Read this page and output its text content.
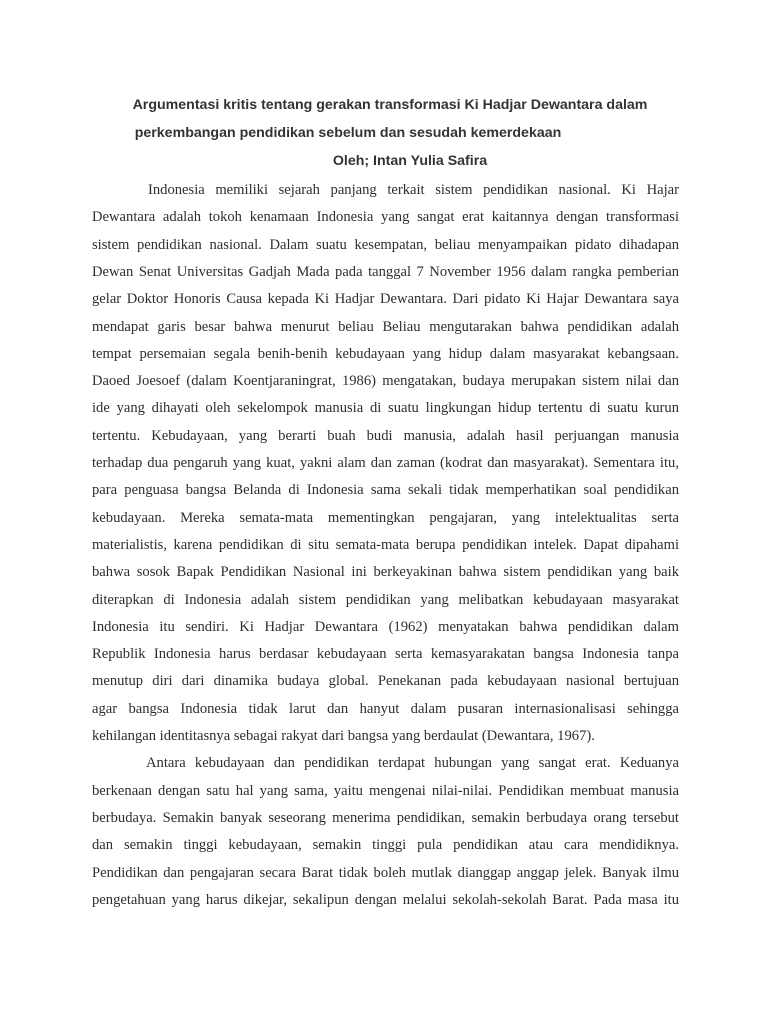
Argumentasi kritis tentang gerakan transformasi Ki Hadjar Dewantara dalam
perkembangan pendidikan sebelum dan sesudah kemerdekaan
Oleh; Intan Yulia Safira
Indonesia memiliki sejarah panjang terkait sistem pendidikan nasional. Ki Hajar
Dewantara adalah tokoh kenamaan Indonesia yang sangat erat kaitannya dengan transformasi
sistem pendidikan nasional. Dalam suatu kesempatan, beliau menyampaikan pidato dihadapan
Dewan Senat Universitas Gadjah Mada pada tanggal 7 November 1956 dalam rangka pemberian
gelar Doktor Honoris Causa kepada Ki Hadjar Dewantara. Dari pidato Ki Hajar Dewantara saya
mendapat garis besar bahwa menurut beliau Beliau mengutarakan bahwa pendidikan adalah
tempat persemaian segala benih-benih kebudayaan yang hidup dalam masyarakat kebangsaan.
Daoed Joesoef (dalam Koentjaraningrat, 1986) mengatakan, budaya merupakan sistem nilai dan
ide yang dihayati oleh sekelompok manusia di suatu lingkungan hidup tertentu di suatu kurun
tertentu. Kebudayaan, yang berarti buah budi manusia, adalah hasil perjuangan manusia
terhadap dua pengaruh yang kuat, yakni alam dan zaman (kodrat dan masyarakat). Sementara itu,
para penguasa bangsa Belanda di Indonesia sama sekali tidak memperhatikan soal pendidikan
kebudayaan. Mereka semata-mata mementingkan pengajaran, yang intelektualitas serta
materialistis, karena pendidikan di situ semata-mata berupa pendidikan intelek. Dapat dipahami
bahwa sosok Bapak Pendidikan Nasional ini berkeyakinan bahwa sistem pendidikan yang baik
diterapkan di Indonesia adalah sistem pendidikan yang melibatkan kebudayaan masyarakat
Indonesia itu sendiri. Ki Hadjar Dewantara (1962) menyatakan bahwa pendidikan dalam
Republik Indonesia harus berdasar kebudayaan serta kemasyarakatan bangsa Indonesia tanpa
menutup diri dari dinamika budaya global. Penekanan pada kebudayaan nasional bertujuan
agar bangsa Indonesia tidak larut dan hanyut dalam pusaran internasionalisasi sehingga
kehilangan identitasnya sebagai rakyat dari bangsa yang berdaulat (Dewantara, 1967).
Antara kebudayaan dan pendidikan terdapat hubungan yang sangat erat. Keduanya
berkenaan dengan satu hal yang sama, yaitu mengenai nilai-nilai. Pendidikan membuat manusia
berbudaya. Semakin banyak seseorang menerima pendidikan, semakin berbudaya orang tersebut
dan semakin tinggi kebudayaan, semakin tinggi pula pendidikan atau cara mendidiknya.
Pendidikan dan pengajaran secara Barat tidak boleh mutlak dianggap anggap jelek. Banyak ilmu
pengetahuan yang harus dikejar, sekalipun dengan melalui sekolah-sekolah Barat. Pada masa itu
